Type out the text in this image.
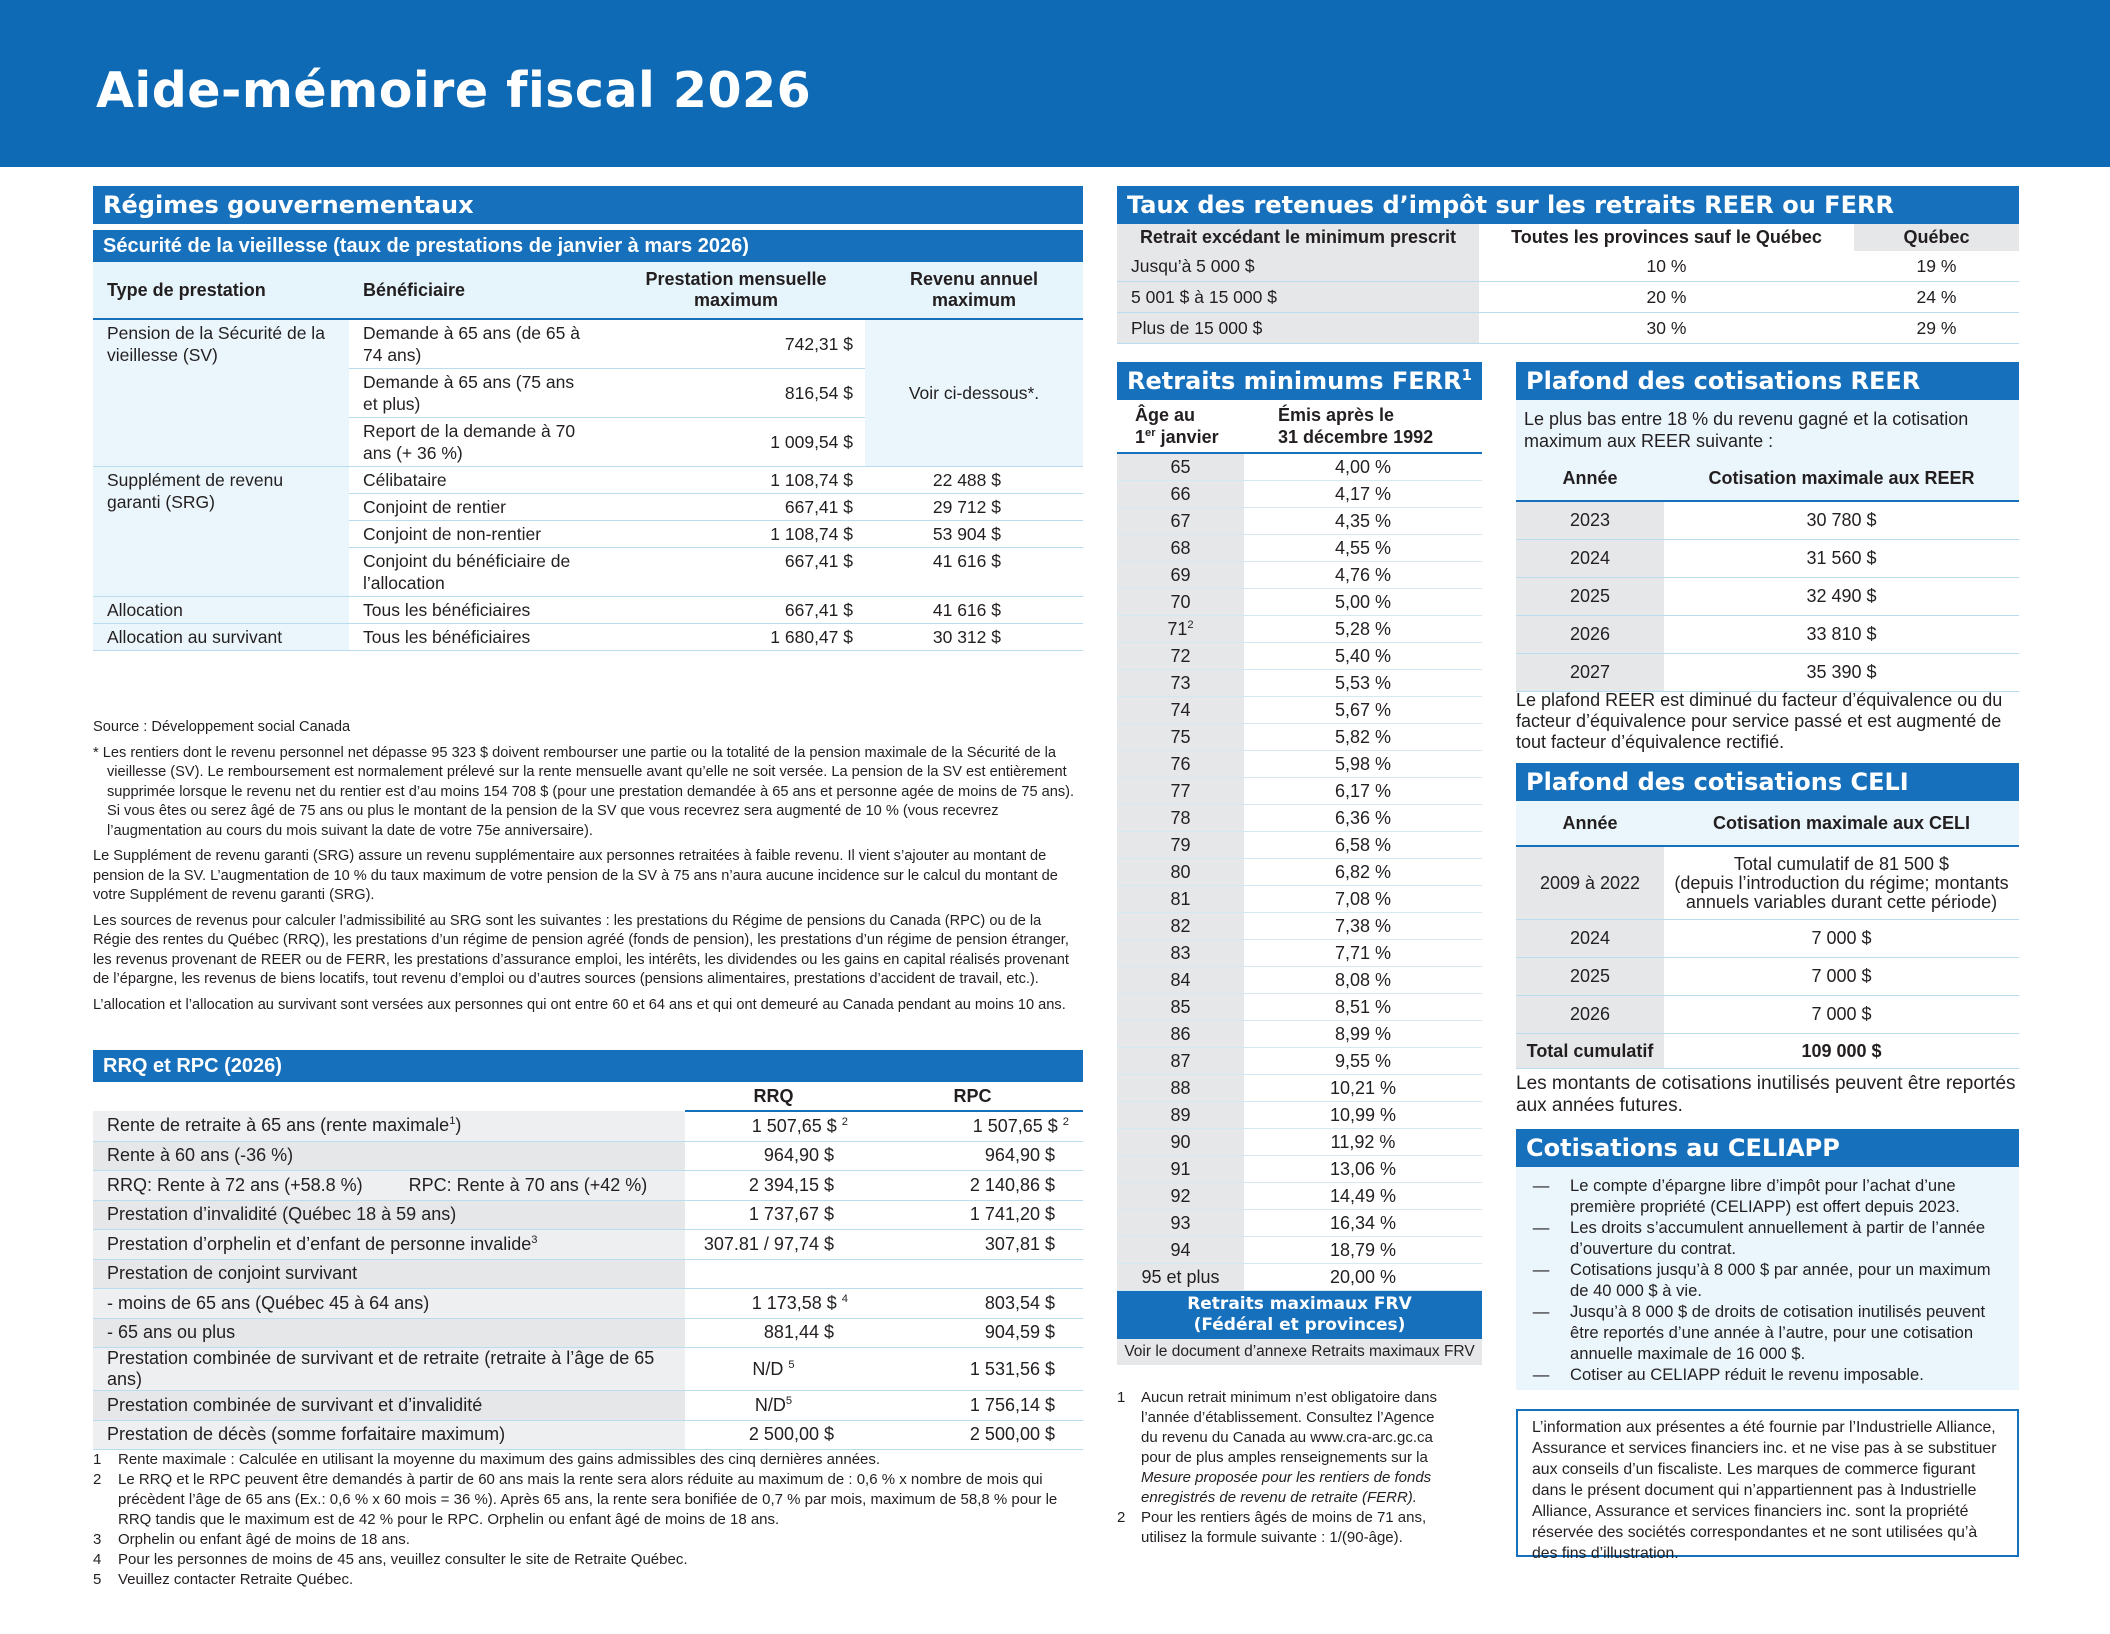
Aide-mémoire fiscal 2026
Régimes gouvernementaux
Sécurité de la vieillesse (taux de prestations de janvier à mars 2026)
Type de prestation	Bénéficiaire	Prestation mensuelle maximum	Revenu annuel maximum
Pension de la Sécurité de la vieillesse (SV)	Demande à 65 ans (de 65 à 74 ans)	742,31 $	Voir ci-dessous*.
	Demande à 65 ans (75 ans et plus)	816,54 $	
	Report de la demande à 70 ans (+ 36 %)	1 009,54 $	
Supplément de revenu garanti (SRG)	Célibataire	1 108,74 $	22 488 $
	Conjoint de rentier	667,41 $	29 712 $
	Conjoint de non-rentier	1 108,74 $	53 904 $
	Conjoint du bénéficiaire de l’allocation	667,41 $	41 616 $
Allocation	Tous les bénéficiaires	667,41 $	41 616 $
Allocation au survivant	Tous les bénéficiaires	1 680,47 $	30 312 $

Source : Développement social Canada

* Les rentiers dont le revenu personnel net dépasse 95 323 $ doivent rembourser une partie ou la totalité de la pension maximale de la Sécurité de la vieillesse (SV). Le remboursement est normalement prélevé sur la rente mensuelle avant qu’elle ne soit versée. La pension de la SV est entièrement supprimée lorsque le revenu net du rentier est d’au moins 154 708 $ (pour une prestation demandée à 65 ans et personne agée de moins de 75 ans). Si vous êtes ou serez âgé de 75 ans ou plus le montant de la pension de la SV que vous recevrez sera augmenté de 10 % (vous recevrez l’augmentation au cours du mois suivant la date de votre 75e anniversaire).

Le Supplément de revenu garanti (SRG) assure un revenu supplémentaire aux personnes retraitées à faible revenu. Il vient s’ajouter au montant de pension de la SV. L’augmentation de 10 % du taux maximum de votre pension de la SV à 75 ans n’aura aucune incidence sur le calcul du montant de votre Supplément de revenu garanti (SRG).

Les sources de revenus pour calculer l’admissibilité au SRG sont les suivantes : les prestations du Régime de pensions du Canada (RPC) ou de la Régie des rentes du Québec (RRQ), les prestations d’un régime de pension agréé (fonds de pension), les prestations d’un régime de pension étranger, les revenus provenant de REER ou de FERR, les prestations d’assurance emploi, les intérêts, les dividendes ou les gains en capital réalisés provenant de l’épargne, les revenus de biens locatifs, tout revenu d’emploi ou d’autres sources (pensions alimentaires, prestations d’accident de travail, etc.).

L’allocation et l’allocation au survivant sont versées aux personnes qui ont entre 60 et 64 ans et qui ont demeuré au Canada pendant au moins 10 ans.

RRQ et RPC (2026)
	RRQ	RPC
Rente de retraite à 65 ans (rente maximale$^1$)	1 507,65 $ $^2$	1 507,65 $ $^2$
Rente à 60 ans (-36 %)	964,90 $	964,90 $
RRQ: Rente à 72 ans (+58.8 %) RPC: Rente à 70 ans (+42 %)	2 394,15 $	2 140,86 $
Prestation d’invalidité (Québec 18 à 59 ans)	1 737,67 $	1 741,20 $
Prestation d’orphelin et d’enfant de personne invalide$^3$	307.81 / 97,74 $	307,81 $
Prestation de conjoint survivant		
- moins de 65 ans (Québec 45 à 64 ans)	1 173,58 $ $^4$	803,54 $
- 65 ans ou plus	881,44 $	904,59 $
Prestation combinée de survivant et de retraite (retraite à l’âge de 65 ans)	N/D $^5$	1 531,56 $
Prestation combinée de survivant et d’invalidité	$N/D^5$	1 756,14 $
Prestation de décès (somme forfaitaire maximum)	2 500,00 $	2 500,00 $
1	Rente maximale : Calculée en utilisant la moyenne du maximum des gains admissibles des cinq dernières années.
2	Le RRQ et le RPC peuvent être demandés à partir de 60 ans mais la rente sera alors réduite au maximum de : 0,6 % x nombre de mois qui précèdent l’âge de 65 ans (Ex.: 0,6 % x 60 mois = 36 %). Après 65 ans, la rente sera bonifiée de 0,7 % par mois, maximum de 58,8 % pour le RRQ tandis que le maximum est de 42 % pour le RPC. Orphelin ou enfant âgé de moins de 18 ans.
3	Orphelin ou enfant âgé de moins de 18 ans.
4	Pour les personnes de moins de 45 ans, veuillez consulter le site de Retraite Québec.
5	Veuillez contacter Retraite Québec.
Taux des retenues d’impôt sur les retraits REER ou FERR
Retrait excédant le minimum prescrit	Toutes les provinces sauf le Québec	Québec
Jusqu’à 5 000 $	10 %	19 %
5 001 $ à 15 000 $	20 %	24 %
Plus de 15 000 $	30 %	29 %
Retraits minimums FERR$^1$
Âge au
1er janvier	Émis après le
31 décembre 1992
65	4,00 %
66	4,17 %
67	4,35 %
68	4,55 %
69	4,76 %
70	5,00 %
$71^2$	5,28 %
72	5,40 %
73	5,53 %
74	5,67 %
75	5,82 %
76	5,98 %
77	6,17 %
78	6,36 %
79	6,58 %
80	6,82 %
81	7,08 %
82	7,38 %
83	7,71 %
84	8,08 %
85	8,51 %
86	8,99 %
87	9,55 %
88	10,21 %
89	10,99 %
90	11,92 %
91	13,06 %
92	14,49 %
93	16,34 %
94	18,79 %
95 et plus	20,00 %
Retraits maximaux FRV
(Fédéral et provinces)
Voir le document d’annexe Retraits maximaux FRV
1	Aucun retrait minimum n’est obligatoire dans l’année d’établissement. Consultez l’Agence du revenu du Canada au www.cra-arc.gc.ca pour de plus amples renseignements sur la Mesure proposée pour les rentiers de fonds enregistrés de revenu de retraite (FERR).
2	Pour les rentiers âgés de moins de 71 ans, utilisez la formule suivante : 1/(90-âge).
Plafond des cotisations REER
Le plus bas entre 18 % du revenu gagné et la cotisation maximum aux REER suivante :
Année	Cotisation maximale aux REER
2023	30 780 $
2024	31 560 $
2025	32 490 $
2026	33 810 $
2027	35 390 $
Le plafond REER est diminué du facteur d’équivalence ou du facteur d’équivalence pour service passé et est augmenté de tout facteur d’équivalence rectifié.
Plafond des cotisations CELI
Année	Cotisation maximale aux CELI
2009 à 2022	Total cumulatif de 81 500 $
(depuis l’introduction du régime; montants
annuels variables durant cette période)

2024	7 000 $
2025	7 000 $
2026	7 000 $
Total cumulatif	109 000 $
Les montants de cotisations inutilisés peuvent être reportés aux années futures.
Cotisations au CELIAPP
—	Le compte d’épargne libre d’impôt pour l’achat d’une première propriété (CELIAPP) est offert depuis 2023.
—	Les droits s’accumulent annuellement à partir de l’année d’ouverture du contrat.
—	Cotisations jusqu’à 8 000 $ par année, pour un maximum de 40 000 $ à vie.
—	Jusqu’à 8 000 $ de droits de cotisation inutilisés peuvent être reportés d’une année à l’autre, pour une cotisation annuelle maximale de 16 000 $.
—	Cotiser au CELIAPP réduit le revenu imposable.
L’information aux présentes a été fournie par l’Industrielle Alliance, Assurance et services financiers inc. et ne vise pas à se substituer aux conseils d’un fiscaliste. Les marques de commerce figurant dans le présent document qui n’appartiennent pas à Industrielle Alliance, Assurance et services financiers inc. sont la propriété réservée des sociétés correspondantes et ne sont utilisées qu’à des fins d’illustration.
